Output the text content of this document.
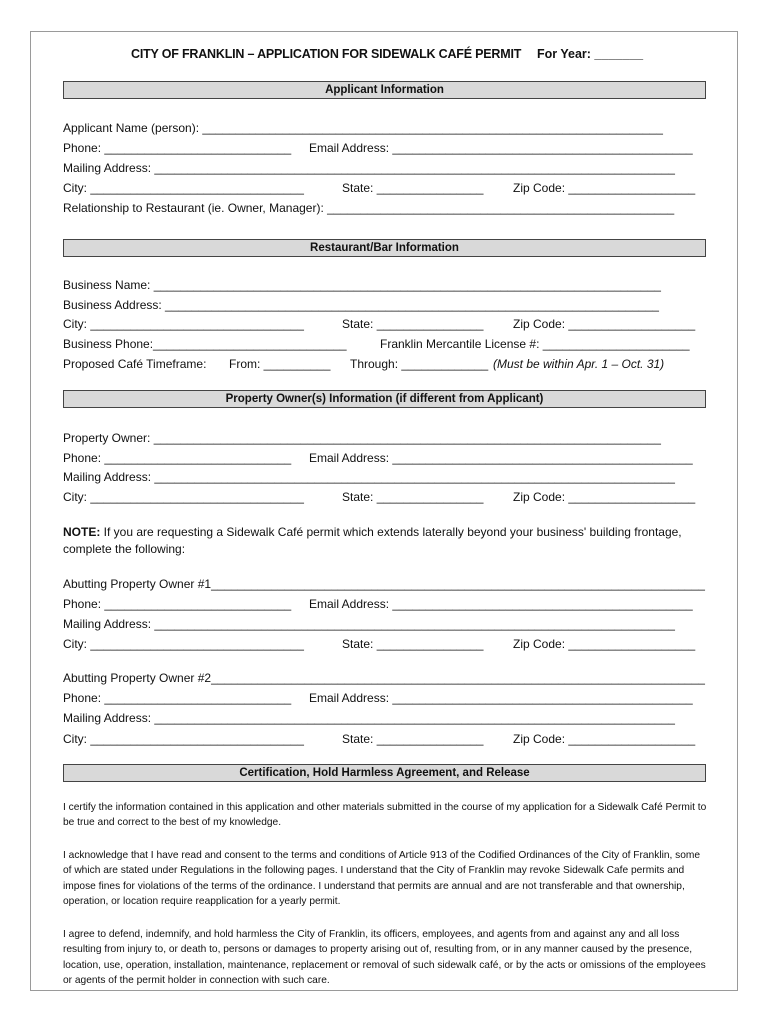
CITY OF FRANKLIN – APPLICATION FOR SIDEWALK CAFÉ PERMIT For Year: _______
Applicant Information
Applicant Name (person): _____________________________________________________________________
Phone: ____________________________ Email Address: _____________________________________________
Mailing Address: ______________________________________________________________________________
City: ________________________________	State: ________________ Zip Code: ___________________
Relationship to Restaurant (ie. Owner, Manager): ____________________________________________________
Restaurant/Bar Information
Business Name: ____________________________________________________________________________
Business Address: __________________________________________________________________________
City: ________________________________	State: ________________ Zip Code: ___________________
Business Phone:_____________________________	Franklin Mercantile License #: ______________________
Proposed Café Timeframe: From: __________ Through: _____________ (Must be within Apr. 1 – Oct. 31)
Property Owner(s) Information (if different from Applicant)
Property Owner: ____________________________________________________________________________
Phone: ____________________________ Email Address: _____________________________________________
Mailing Address: ______________________________________________________________________________
City: ________________________________	State: ________________ Zip Code: ___________________
NOTE: If you are requesting a Sidewalk Café permit which extends laterally beyond your business' building frontage, complete the following:
Abutting Property Owner #1__________________________________________________________________________
Phone: ____________________________ Email Address: _____________________________________________
Mailing Address: ______________________________________________________________________________
City: ________________________________	State: ________________ Zip Code: ___________________
Abutting Property Owner #2__________________________________________________________________________
Phone: ____________________________ Email Address: _____________________________________________
Mailing Address: ______________________________________________________________________________
City: ________________________________	State: ________________ Zip Code: ___________________
Certification, Hold Harmless Agreement, and Release
I certify the information contained in this application and other materials submitted in the course of my application for a Sidewalk Café Permit to be true and correct to the best of my knowledge.
I acknowledge that I have read and consent to the terms and conditions of Article 913 of the Codified Ordinances of the City of Franklin, some of which are stated under Regulations in the following pages. I understand that the City of Franklin may revoke Sidewalk Cafe permits and impose fines for violations of the terms of the ordinance. I understand that permits are annual and are not transferable and that ownership, operation, or location require reapplication for a yearly permit.
I agree to defend, indemnify, and hold harmless the City of Franklin, its officers, employees, and agents from and against any and all loss resulting from injury to, or death to, persons or damages to property arising out of, resulting from, or in any manner caused by the presence, location, use, operation, installation, maintenance, replacement or removal of such sidewalk café, or by the acts or omissions of the employees or agents of the permit holder in connection with such care.
